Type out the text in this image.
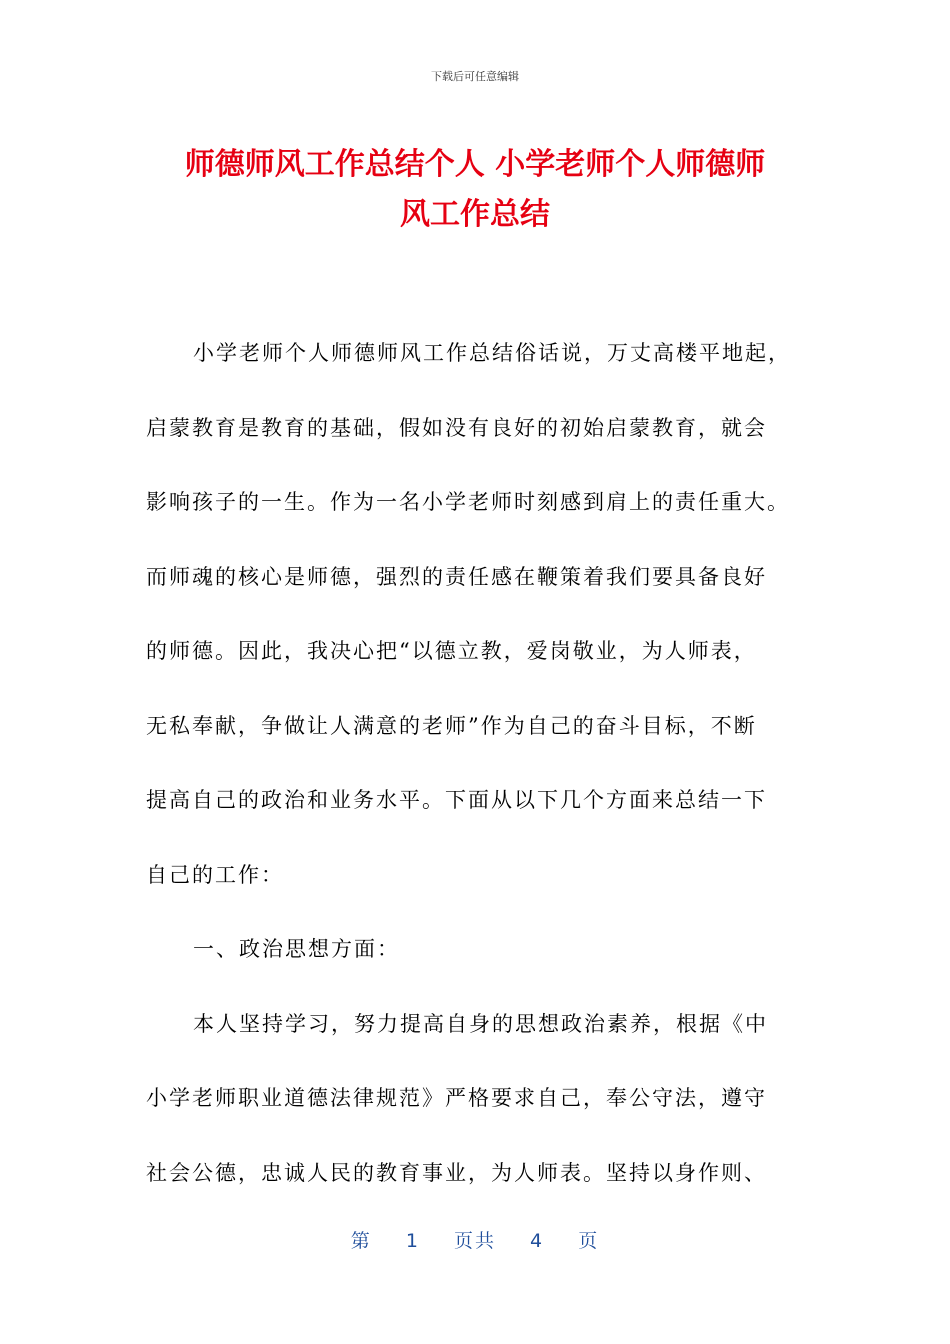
下载后可任意编辑
师德师风工作总结个人 小学老师个人师德师
风工作总结

小学老师个人师德师风工作总结俗话说，万丈高楼平地起，
启蒙教育是教育的基础，假如没有良好的初始启蒙教育，就会
影响孩子的一生。作为一名小学老师时刻感到肩上的责任重大。
而师魂的核心是师德，强烈的责任感在鞭策着我们要具备良好
的师德。因此，我决心把“以德立教，爱岗敬业，为人师表，
无私奉献，争做让人满意的老师”作为自己的奋斗目标，不断
提高自己的政治和业务水平。下面从以下几个方面来总结一下
自己的工作：

一、政治思想方面：

本人坚持学习，努力提高自身的思想政治素养，根据《中
小学老师职业道德法律规范》严格要求自己，奉公守法，遵守
社会公德，忠诚人民的教育事业，为人师表。坚持以身作则、

第 1 页共 4 页
